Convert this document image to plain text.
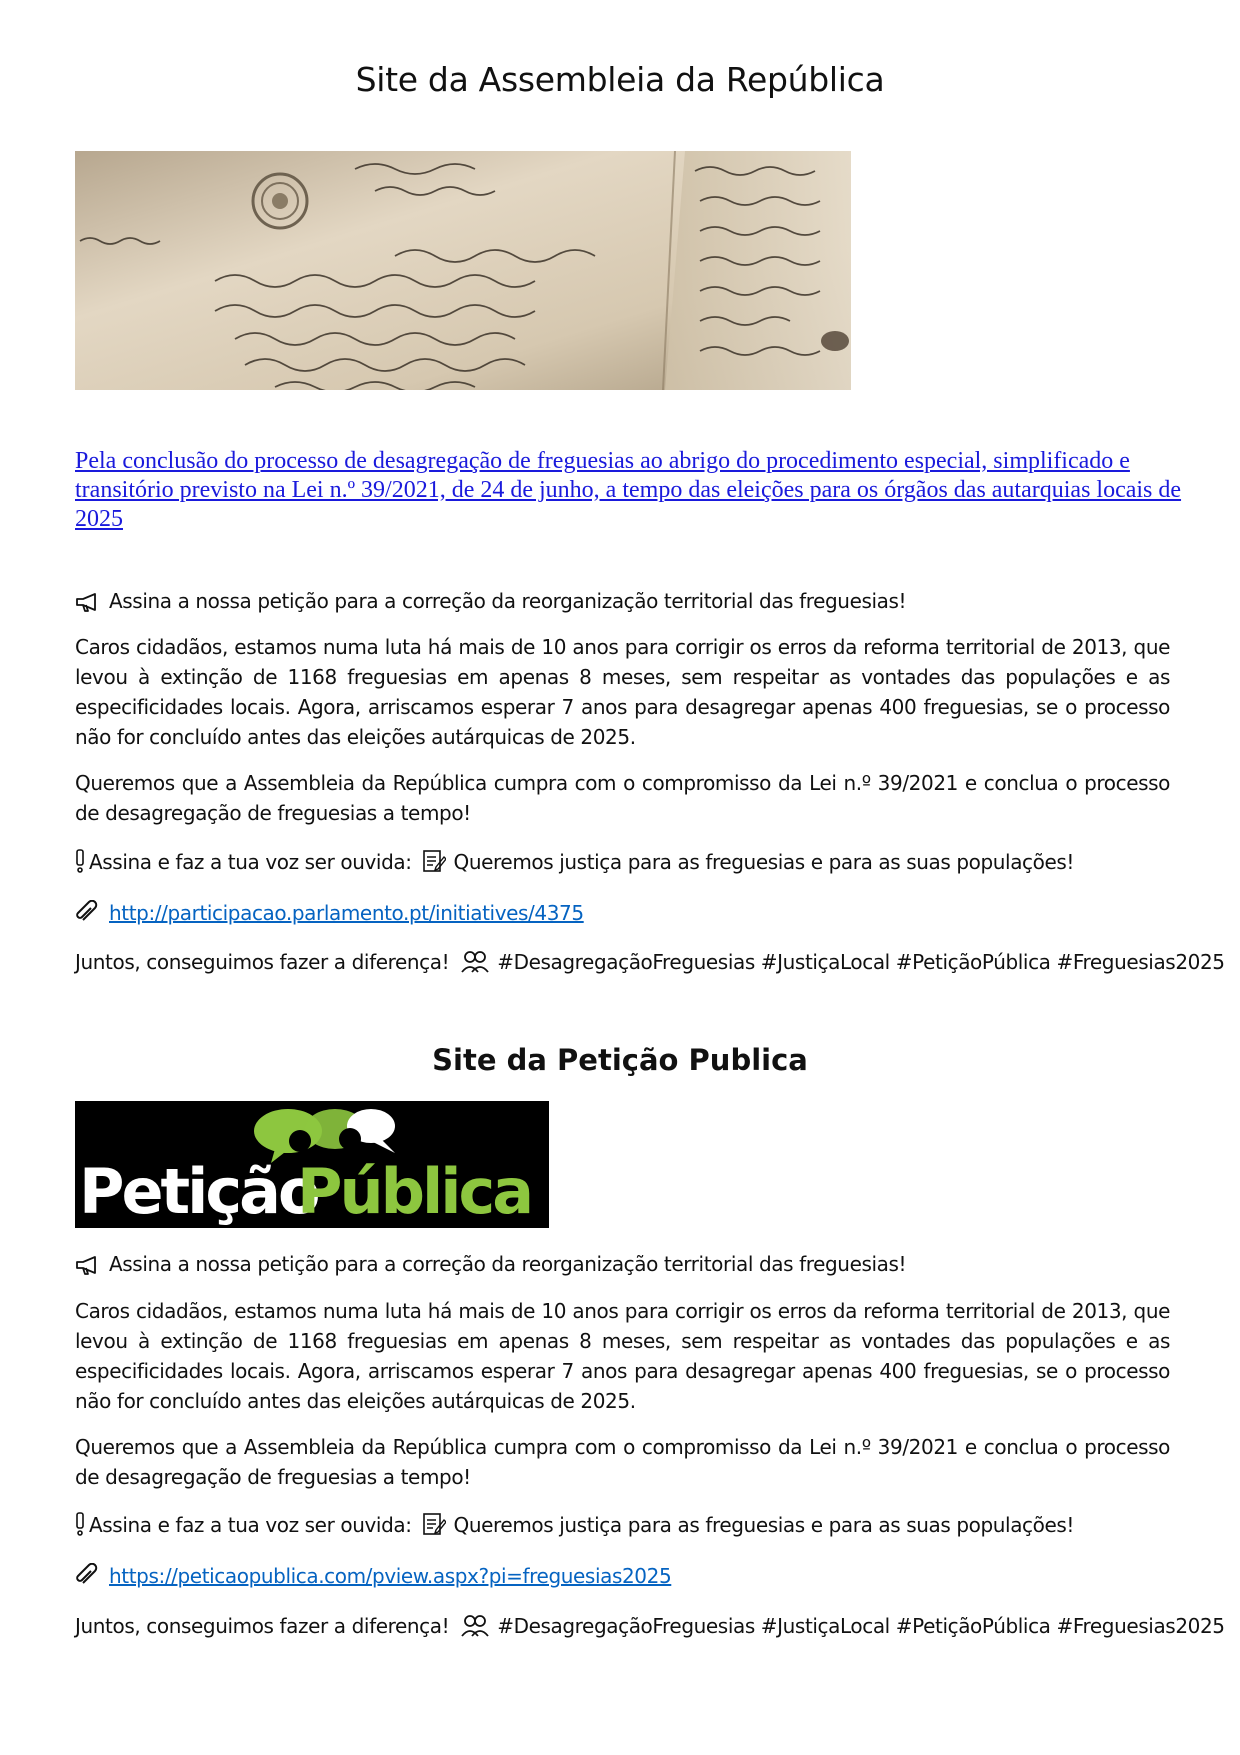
Site da Assembleia da República
Pela conclusão do processo de desagregação de freguesias ao abrigo do procedimento especial, simplificado e transitório previsto na Lei n.º 39/2021, de 24 de junho, a tempo das eleições para os órgãos das autarquias locais de 2025
Assina a nossa petição para a correção da reorganização territorial das freguesias!
Caros cidadãos, estamos numa luta há mais de 10 anos para corrigir os erros da reforma territorial de 2013, que levou à extinção de 1168 freguesias em apenas 8 meses, sem respeitar as vontades das populações e as especificidades locais. Agora, arriscamos esperar 7 anos para desagregar apenas 400 freguesias, se o processo não for concluído antes das eleições autárquicas de 2025.
Queremos que a Assembleia da República cumpra com o compromisso da Lei n.º 39/2021 e conclua o processo de desagregação de freguesias a tempo!
Assina e faz a tua voz ser ouvida: Queremos justiça para as freguesias e para as suas populações!
http://participacao.parlamento.pt/initiatives/4375
Juntos, conseguimos fazer a diferença! #DesagregaçãoFreguesias #JustiçaLocal #PetiçãoPública #Freguesias2025
Site da Petição Publica
Petição
Pública
Assina a nossa petição para a correção da reorganização territorial das freguesias!
Caros cidadãos, estamos numa luta há mais de 10 anos para corrigir os erros da reforma territorial de 2013, que levou à extinção de 1168 freguesias em apenas 8 meses, sem respeitar as vontades das populações e as especificidades locais. Agora, arriscamos esperar 7 anos para desagregar apenas 400 freguesias, se o processo não for concluído antes das eleições autárquicas de 2025.
Queremos que a Assembleia da República cumpra com o compromisso da Lei n.º 39/2021 e conclua o processo de desagregação de freguesias a tempo!
Assina e faz a tua voz ser ouvida: Queremos justiça para as freguesias e para as suas populações!
https://peticaopublica.com/pview.aspx?pi=freguesias2025
Juntos, conseguimos fazer a diferença! #DesagregaçãoFreguesias #JustiçaLocal #PetiçãoPública #Freguesias2025
